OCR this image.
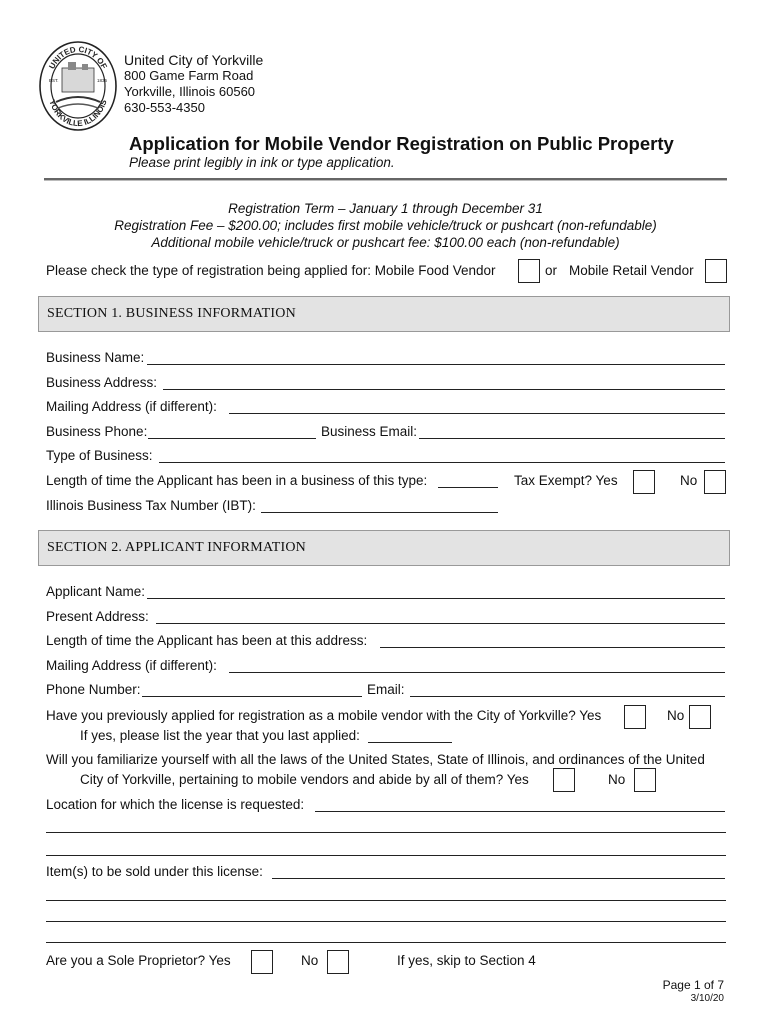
UNITED CITY OF
YORKVILLE ILLINOIS
EST.	1836
United City of Yorkville
800 Game Farm Road
Yorkville, Illinois 60560
630-553-4350
Application for Mobile Vendor Registration on Public Property
Please print legibly in ink or type application.
Registration Term – January 1 through December 31
Registration Fee – $200.00; includes first mobile vehicle/truck or pushcart (non-refundable)
Additional mobile vehicle/truck or pushcart fee: $100.00 each (non-refundable)
Please check the type of registration being applied for: Mobile Food Vendor	or Mobile Retail Vendor
SECTION 1. BUSINESS INFORMATION
Business Name:
Business Address:
Mailing Address (if different):
Business Phone:	Business Email:
Type of Business:
Length of time the Applicant has been in a business of this type:	Tax Exempt? Yes	No
Illinois Business Tax Number (IBT):
SECTION 2. APPLICANT INFORMATION
Applicant Name:
Present Address:
Length of time the Applicant has been at this address:
Mailing Address (if different):
Phone Number:	Email:
Have you previously applied for registration as a mobile vendor with the City of Yorkville? Yes	No
If yes, please list the year that you last applied:
Will you familiarize yourself with all the laws of the United States, State of Illinois, and ordinances of the United
City of Yorkville, pertaining to mobile vendors and abide by all of them? Yes	No
Location for which the license is requested:
Item(s) to be sold under this license:
Are you a Sole Proprietor? Yes	No	If yes, skip to Section 4
Page 1 of 7
3/10/20
